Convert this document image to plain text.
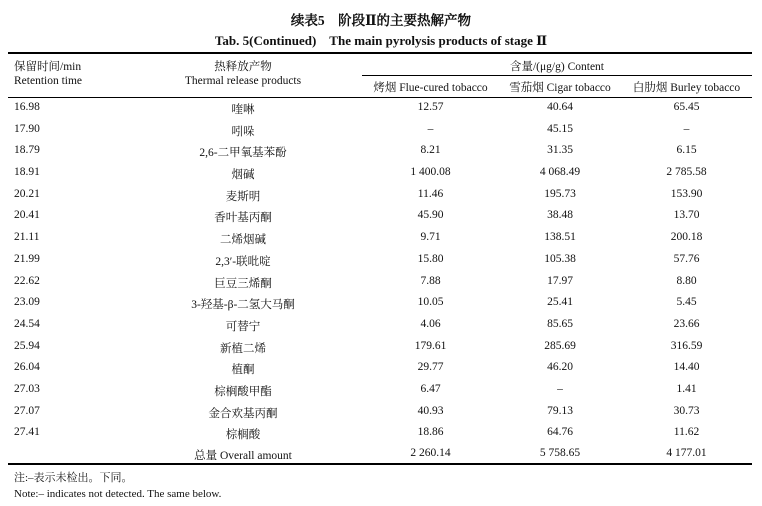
续表5　阶段Ⅱ的主要热解产物
Tab. 5(Continued)　The main pyrolysis products of stage Ⅱ
保留时间/min
Retention time
热释放产物
Thermal release products
含量/(μg/g) Content
烤烟 Flue-cured tobacco	雪茄烟 Cigar tobacco	白肋烟 Burley tobacco
16.98	喹啉	12.57	40.64	65.45
17.90	吲哚	–	45.15	–
18.79	2,6-二甲氧基苯酚	8.21	31.35	6.15
18.91	烟碱	1 400.08	4 068.49	2 785.58
20.21	麦斯明	11.46	195.73	153.90
20.41	香叶基丙酮	45.90	38.48	13.70
21.11	二烯烟碱	9.71	138.51	200.18
21.99	2,3′-联吡啶	15.80	105.38	57.76
22.62	巨豆三烯酮	7.88	17.97	8.80
23.09	3-羟基-β-二氢大马酮	10.05	25.41	5.45
24.54	可替宁	4.06	85.65	23.66
25.94	新植二烯	179.61	285.69	316.59
26.04	植酮	29.77	46.20	14.40
27.03	棕榈酸甲酯	6.47	–	1.41
27.07	金合欢基丙酮	40.93	79.13	30.73
27.41	棕榈酸	18.86	64.76	11.62
总量 Overall amount	2 260.14	5 758.65	4 177.01
注:–表示未检出。下同。
Note:– indicates not detected. The same below.
